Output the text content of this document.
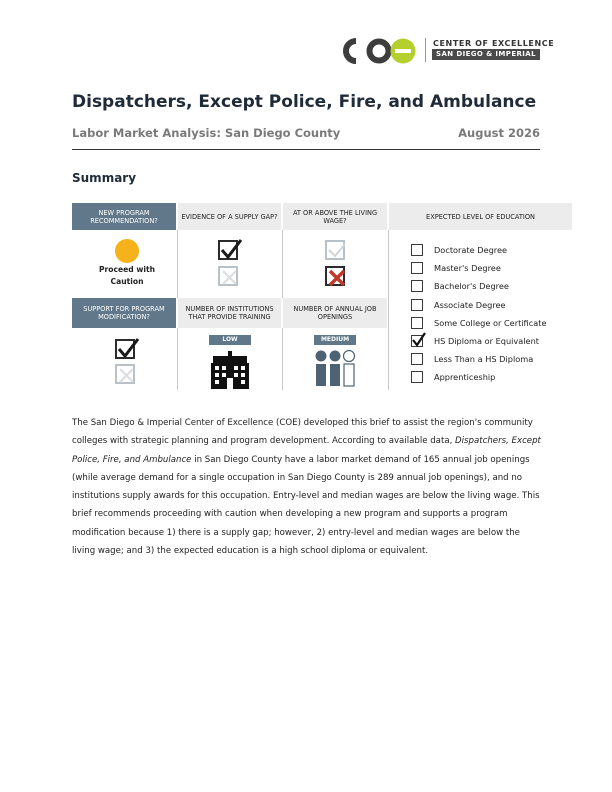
CENTER OF EXCELLENCE
SAN DIEGO & IMPERIAL
Dispatchers, Except Police, Fire, and Ambulance
Labor Market Analysis: San Diego County	August 2026
Summary
NEW PROGRAM RECOMMENDATION?	EVIDENCE OF A SUPPLY GAP?	AT OR ABOVE THE LIVING WAGE?	EXPECTED LEVEL OF EDUCATION
Proceed with Caution
SUPPORT FOR PROGRAM MODIFICATION?
NUMBER OF INSTITUTIONS THAT PROVIDE TRAINING
NUMBER OF ANNUAL JOB OPENINGS
LOW	MEDIUM
Doctorate Degree
Master's Degree
Bachelor's Degree
Associate Degree
Some College or Certificate
HS Diploma or Equivalent
Less Than a HS Diploma
Apprenticeship
The San Diego & Imperial Center of Excellence (COE) developed this brief to assist the region's community colleges with strategic planning and program development. According to available data, Dispatchers, Except Police, Fire, and Ambulance in San Diego County have a labor market demand of 165 annual job openings (while average demand for a single occupation in San Diego County is 289 annual job openings), and no institutions supply awards for this occupation. Entry-level and median wages are below the living wage. This brief recommends proceeding with caution when developing a new program and supports a program modification because 1) there is a supply gap; however, 2) entry-level and median wages are below the living wage; and 3) the expected education is a high school diploma or equivalent.
